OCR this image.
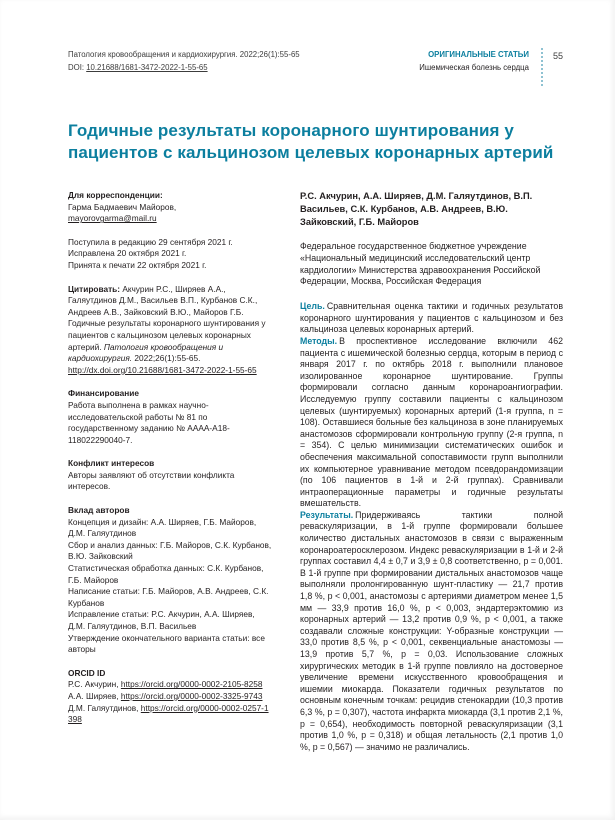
Патология кровообращения и кардиохирургия. 2022;26(1):55-65
DOI: 10.21688/1681-3472-2022-1-55-65
ОРИГИНАЛЬНЫЕ СТАТЬИ
Ишемическая болезнь сердца
55
Годичные результаты коронарного шунтирования у пациентов с кальцинозом целевых коронарных артерий
Для корреспонденции:
Гарма Бадмаевич Майоров,
mayorovgarma@mail.ru
Поступила в редакцию 29 сентября 2021 г.
Исправлена 20 октября 2021 г.
Принята к печати 22 октября 2021 г.
Цитировать: Акчурин Р.С., Ширяев А.А., Галяутдинов Д.М., Васильев В.П., Курбанов С.К., Андреев А.В., Зайковский В.Ю., Майоров Г.Б. Годичные результаты коронарного шунтирования у пациентов с кальцинозом целевых коронарных артерий. Патология кровообращения и кардиохирургия. 2022;26(1):55-65.
http://dx.doi.org/10.21688/1681-3472-2022-1-55-65
Финансирование
Работа выполнена в рамках научно-исследовательской работы № 81 по государственному заданию № АААА-А18-118022290040-7.
Конфликт интересов
Авторы заявляют об отсутствии конфликта интересов.
Вклад авторов
Концепция и дизайн: А.А. Ширяев, Г.Б. Майоров, Д.М. Галяутдинов
Сбор и анализ данных: Г.Б. Майоров, С.К. Курбанов, В.Ю. Зайковский
Статистическая обработка данных: С.К. Курбанов, Г.Б. Майоров
Написание статьи: Г.Б. Майоров, А.В. Андреев, С.К. Курбанов
Исправление статьи: Р.С. Акчурин, А.А. Ширяев, Д.М. Галяутдинов, В.П. Васильев
Утверждение окончательного варианта статьи: все авторы
ORCID ID
Р.С. Акчурин, https://orcid.org/0000-0002-2105-8258
А.А. Ширяев, https://orcid.org/0000-0002-3325-9743
Д.М. Галяутдинов, https://orcid.org/0000-0002-0257-1398
Р.С. Акчурин, А.А. Ширяев, Д.М. Галяутдинов, В.П. Васильев, С.К. Курбанов, А.В. Андреев, В.Ю. Зайковский, Г.Б. Майоров
Федеральное государственное бюджетное учреждение «Национальный медицинский исследовательский центр кардиологии» Министерства здравоохранения Российской Федерации, Москва, Российская Федерация

Цель. Сравнительная оценка тактики и годичных результатов коронарного шунтирования у пациентов с кальцинозом и без кальциноза целевых коронарных артерий.

Методы. В проспективное исследование включили 462 пациента с ишемической болезнью сердца, которым в период с января 2017 г. по октябрь 2018 г. выполнили плановое изолированное коронарное шунтирование. Группы формировали согласно данным коронароангиографии. Исследуемую группу составили пациенты с кальцинозом целевых (шунтируемых) коронарных артерий (1-я группа, n = 108). Оставшиеся больные без кальциноза в зоне планируемых анастомозов сформировали контрольную группу (2-я группа, n = 354). С целью минимизации систематических ошибок и обеспечения максимальной сопоставимости групп выполнили их компьютерное уравнивание методом псевдорандомизации (по 106 пациентов в 1-й и 2-й группах). Сравнивали интраоперационные параметры и годичные результаты вмешательств.

Результаты. Придерживаясь тактики полной реваскуляризации, в 1-й группе формировали большее количество дистальных анастомозов в связи с выраженным коронароатеросклерозом. Индекс реваскуляризации в 1-й и 2-й группах составил 4,4 ± 0,7 и 3,9 ± 0,8 соответственно, p = 0,001. В 1-й группе при формировании дистальных анастомозов чаще выполняли пролонгированную шунт-пластику — 21,7 против 1,8 %, p < 0,001, анастомозы с артериями диаметром менее 1,5 мм — 33,9 против 16,0 %, p < 0,003, эндартерэктомию из коронарных артерий — 13,2 против 0,9 %, p < 0,001, а также создавали сложные конструкции: Y-образные конструкции — 33,0 против 8,5 %, p < 0,001, секвенциальные анастомозы — 13,9 против 5,7 %, p = 0,03. Использование сложных хирургических методик в 1-й группе повлияло на достоверное увеличение времени искусственного кровообращения и ишемии миокарда. Показатели годичных результатов по основным конечным точкам: рецидив стенокардии (10,3 против 6,3 %, p = 0,307), частота инфаркта миокарда (3,1 против 2,1 %, p = 0,654), необходимость повторной реваскуляризации (3,1 против 1,0 %, p = 0,318) и общая летальность (2,1 против 1,0 %, p = 0,567) — значимо не различались.
